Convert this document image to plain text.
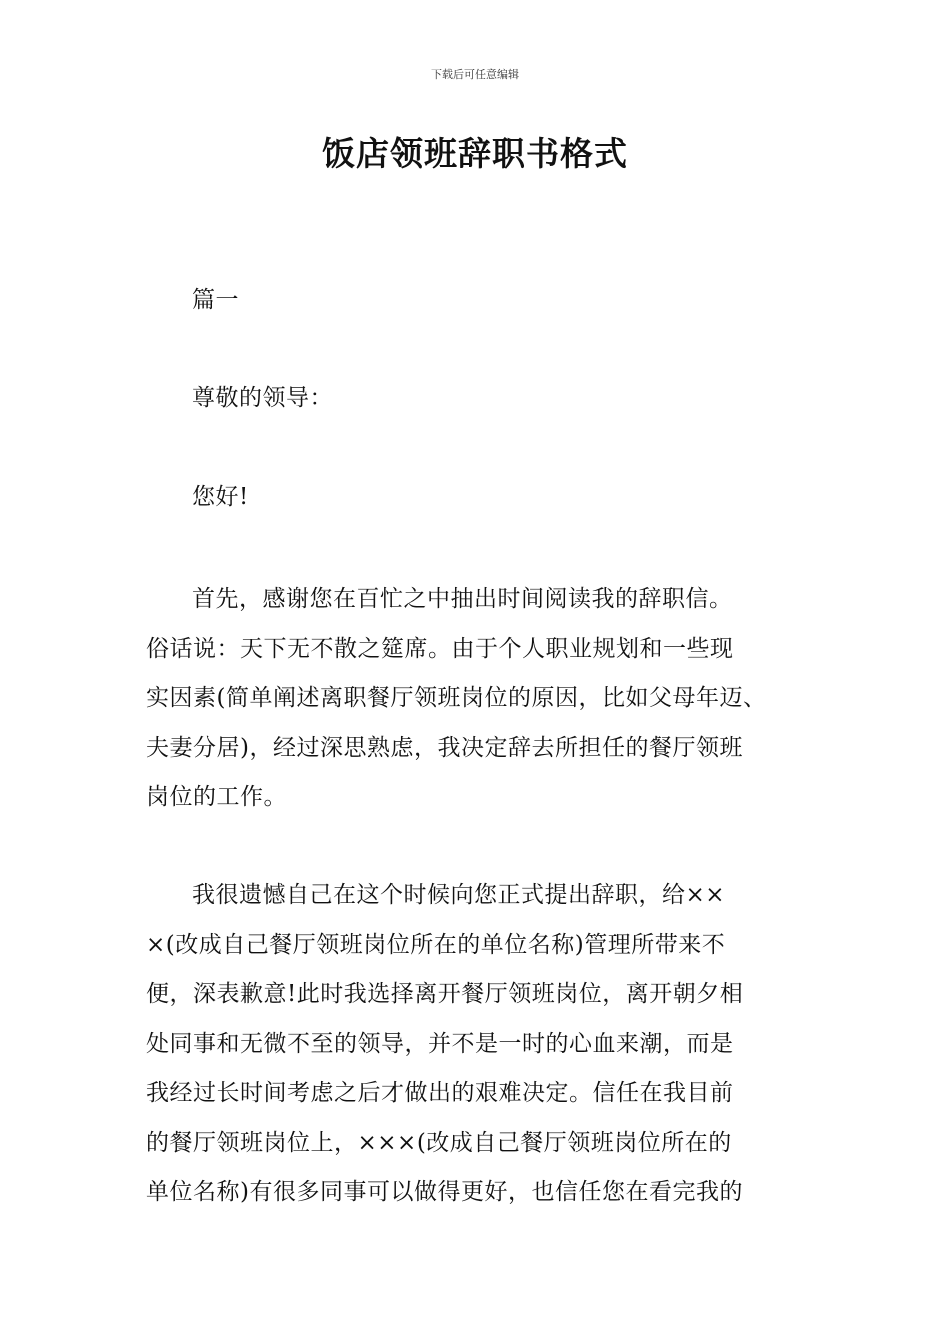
下载后可任意编辑
饭店领班辞职书格式
篇一
尊敬的领导：
您好!
首先，感谢您在百忙之中抽出时间阅读我的辞职信。
俗话说：天下无不散之筵席。由于个人职业规划和一些现
实因素(简单阐述离职餐厅领班岗位的原因，比如父母年迈、
夫妻分居)，经过深思熟虑，我决定辞去所担任的餐厅领班
岗位的工作。
我很遗憾自己在这个时候向您正式提出辞职，给××
×(改成自己餐厅领班岗位所在的单位名称)管理所带来不
便，深表歉意!此时我选择离开餐厅领班岗位，离开朝夕相
处同事和无微不至的领导，并不是一时的心血来潮，而是
我经过长时间考虑之后才做出的艰难决定。信任在我目前
的餐厅领班岗位上，×××(改成自己餐厅领班岗位所在的
单位名称)有很多同事可以做得更好，也信任您在看完我的
